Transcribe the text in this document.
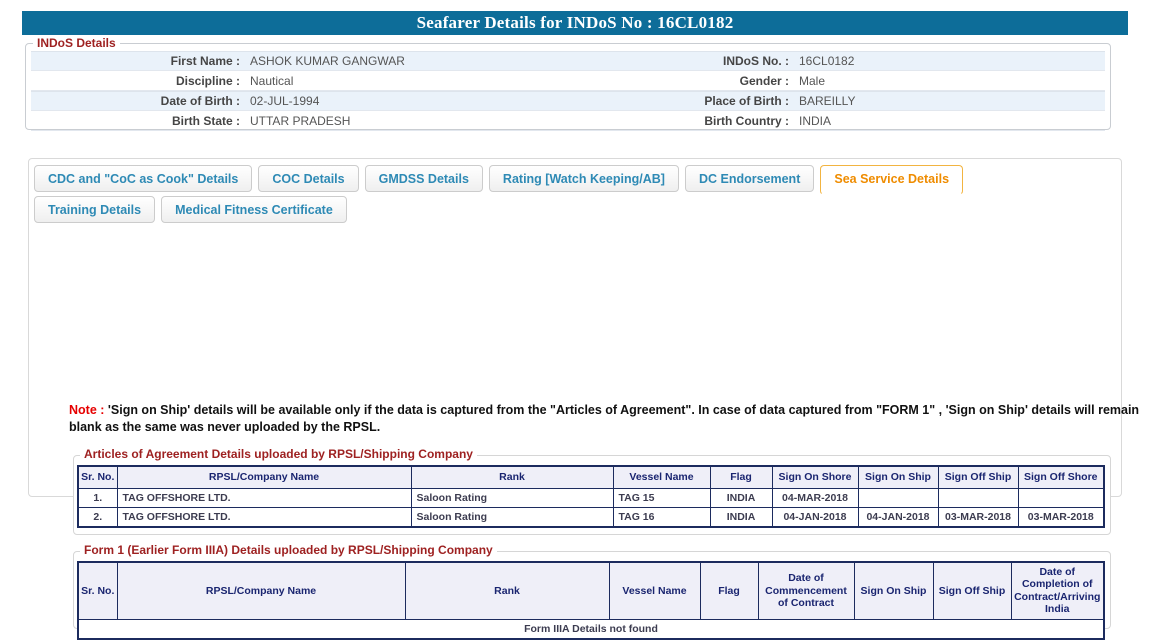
Seafarer Details for INDoS No : 16CL0182
INDoS Details
First Name : ASHOK KUMAR GANGWAR	INDoS No. : 16CL0182
Discipline : Nautical	Gender : Male
Date of Birth : 02-JUL-1994	Place of Birth : BAREILLY
Birth State : UTTAR PRADESH	Birth Country : INDIA
CDC and "CoC as Cook" Details	COC Details	GMDSS Details	Rating [Watch Keeping/AB]	DC Endorsement	Sea Service DetailsTraining Details	Medical Fitness Certificate
Note : 'Sign on Ship' details will be available only if the data is captured from the "Articles of Agreement". In case of data captured from "FORM 1" , 'Sign on Ship' details will remain blank as the same was never uploaded by the RPSL.
Articles of Agreement Details uploaded by RPSL/Shipping Company
Sr. No.	RPSL/Company Name	Rank	Vessel Name	Flag	Sign On Shore	Sign On Ship	Sign Off Ship	Sign Off Shore
1.	TAG OFFSHORE LTD.	Saloon Rating	TAG 15	INDIA	04-MAR-2018			
2.	TAG OFFSHORE LTD.	Saloon Rating	TAG 16	INDIA	04-JAN-2018	04-JAN-2018	03-MAR-2018	03-MAR-2018
Form 1 (Earlier Form IIIA) Details uploaded by RPSL/Shipping Company
Sr. No.	RPSL/Company Name	Rank	Vessel Name	Flag	Date of Commencement of Contract	Sign On Ship	Sign Off Ship	Date of Completion of Contract/Arriving India
Form IIIA Details not found
